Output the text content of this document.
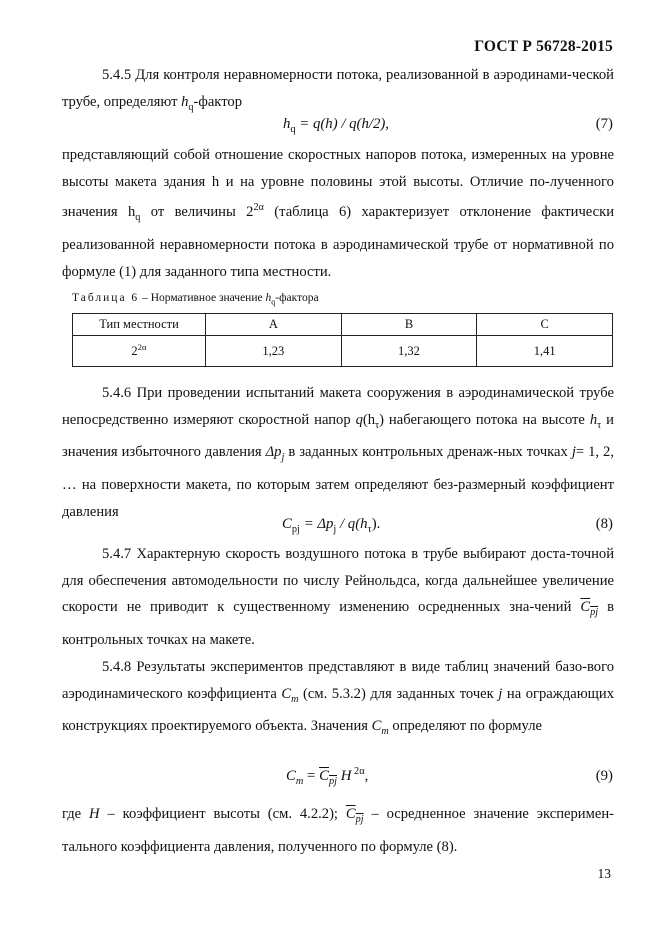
ГОСТ Р 56728-2015

5.4.5 Для контроля неравномерности потока, реализованной в аэродинами-ческой трубе, определяют $h_q$-фактор

$h_q = q(h) / q(h/2)$,	(7)

представляющий собой отношение скоростных напоров потока, измеренных на уровне высоты макета здания h и на уровне половины этой высоты. Отличие по-лученного значения $h_q$ от величины $2^{2\alpha}$ (таблица 6) характеризует отклонение фактически реализованной неравномерности потока в аэродинамической трубе от нормативной по формуле (1) для заданного типа местности.

Таблица 6 – Нормативное значение $h_q$-фактора
Тип местности	A	B	C
$2^{2\alpha}$	1,23	1,32	1,41

5.4.6 При проведении испытаний макета сооружения в аэродинамической трубе непосредственно измеряют скоростной напор $q(h_\tau)$ набегающего потока на высоте $h_\tau$ и значения избыточного давления $\Delta p_j$ в заданных контрольных дренаж-ных точках j= 1, 2, … на поверхности макета, по которым затем определяют без-размерный коэффициент давления

$C_{pj} = \Delta p_j / q(h_\tau)$.	(8)

5.4.7 Характерную скорость воздушного потока в трубе выбирают доста-точной для обеспечения автомодельности по числу Рейнольдса, когда дальнейшее увеличение скорости не приводит к существенному изменению осредненных зна-чений $C_{pj}$ в контрольных точках на макете.

5.4.8 Результаты экспериментов представляют в виде таблиц значений базо-вого аэродинамического коэффициента $C_m$ (см. 5.3.2) для заданных точек j на ограждающих конструкциях проектируемого объекта. Значения $C_m$ определяют по формуле

$C_m = C_{pj}$ H $^{2\alpha}$,	(9)

где H – коэффициент высоты (см. 4.2.2); $C_{pj}$ – осредненное значение эксперимен-тального коэффициента давления, полученного по формуле (8).

13
